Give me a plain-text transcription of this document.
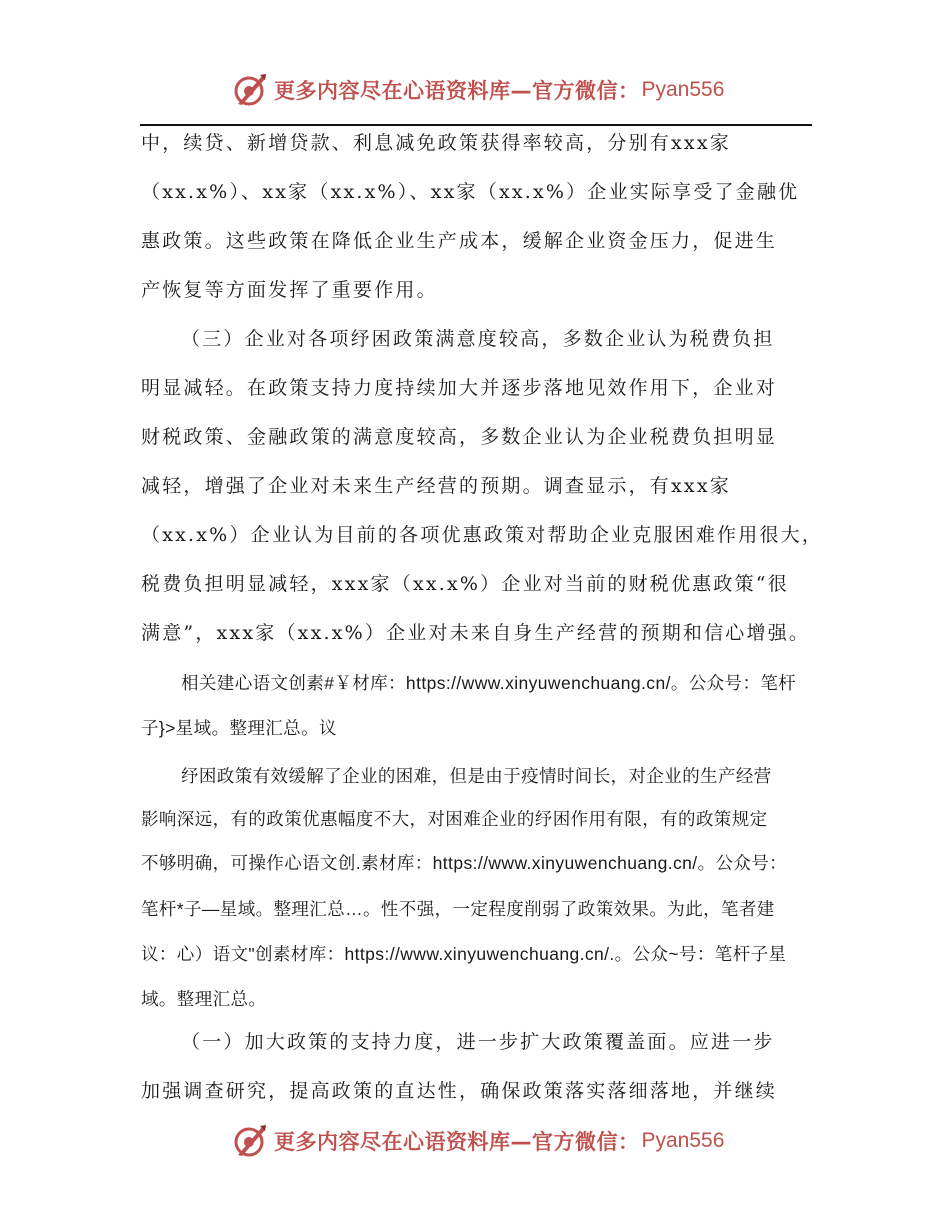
更多内容尽在心语资料库—官方微信： Pyan556
中，续贷、新增贷款、利息减免政策获得率较高，分别有xxx家
（xx.x%）、xx家（xx.x%）、xx家（xx.x%）企业实际享受了金融优
惠政策。这些政策在降低企业生产成本，缓解企业资金压力，促进生
产恢复等方面发挥了重要作用。
（三）企业对各项纾困政策满意度较高，多数企业认为税费负担
明显减轻。在政策支持力度持续加大并逐步落地见效作用下，企业对
财税政策、金融政策的满意度较高，多数企业认为企业税费负担明显
减轻，增强了企业对未来生产经营的预期。调查显示，有xxx家
（xx.x%）企业认为目前的各项优惠政策对帮助企业克服困难作用很大，
税费负担明显减轻，xxx家（xx.x%）企业对当前的财税优惠政策“很
满意”，xxx家（xx.x%）企业对未来自身生产经营的预期和信心增强。
相关建心语文创素#￥材库：https://www.xinyuwenchuang.cn/。公众号：笔杆
子}>星域。整理汇总。议
纾困政策有效缓解了企业的困难，但是由于疫情时间长，对企业的生产经营
影响深远，有的政策优惠幅度不大，对困难企业的纾困作用有限，有的政策规定
不够明确，可操作心语文创.素材库：https://www.xinyuwenchuang.cn/。公众号：
笔杆*子—星域。整理汇总…。性不强，一定程度削弱了政策效果。为此，笔者建
议：心）语文"创素材库：https://www.xinyuwenchuang.cn/.。公众~号：笔杆子星
域。整理汇总。
（一）加大政策的支持力度，进一步扩大政策覆盖面。应进一步
加强调查研究，提高政策的直达性，确保政策落实落细落地，并继续
更多内容尽在心语资料库—官方微信： Pyan556
